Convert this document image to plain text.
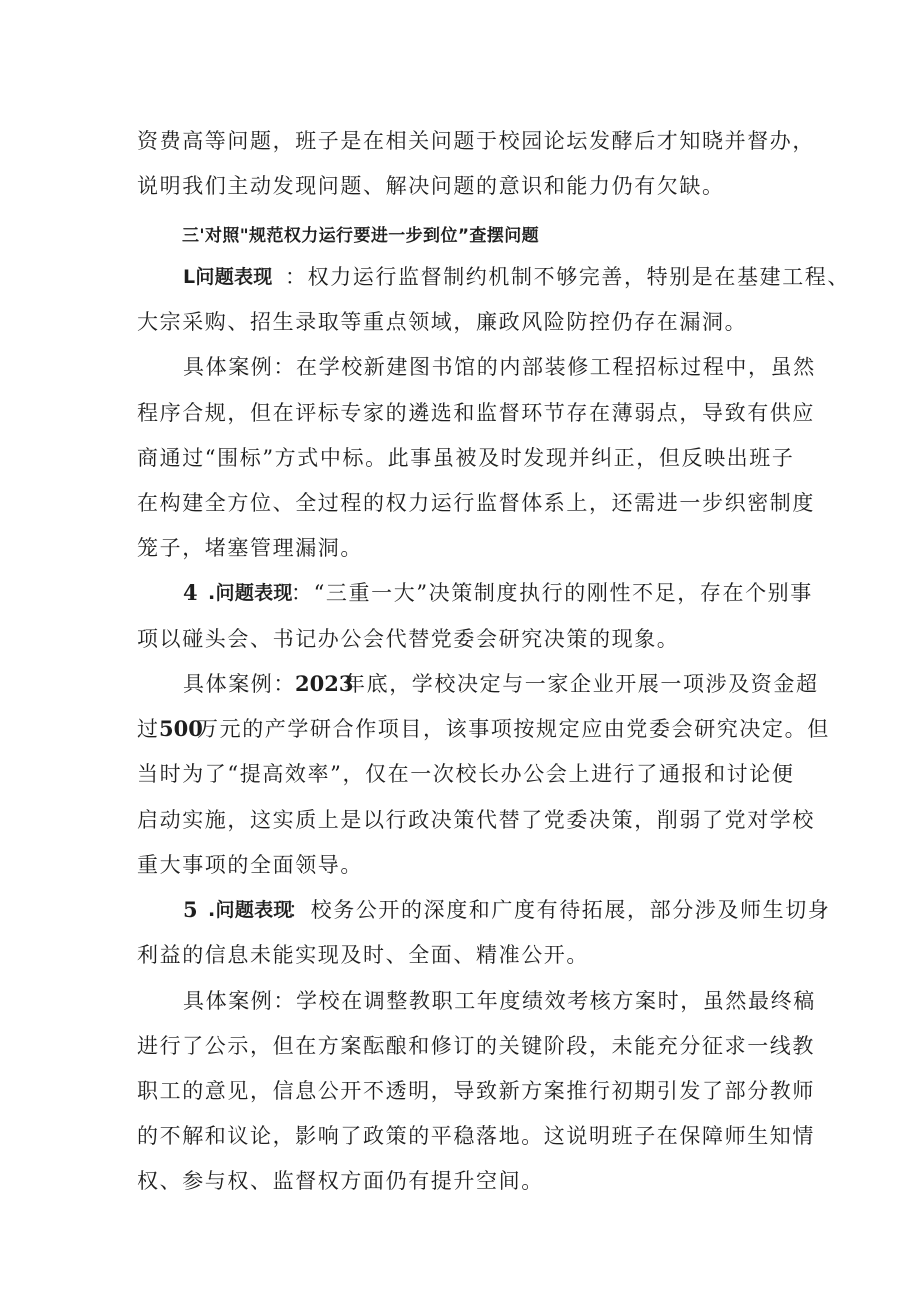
资费高等问题，班子是在相关问题于校园论坛发酵后才知晓并督办，
说明我们主动发现问题、解决问题的意识和能力仍有欠缺。
三'对照"规范权力运行要进一步到位”查摆问题
L问题表现 ：权力运行监督制约机制不够完善，特别是在基建工程、
大宗采购、招生录取等重点领域，廉政风险防控仍存在漏洞。
具体案例：在学校新建图书馆的内部装修工程招标过程中，虽然
程序合规，但在评标专家的遴选和监督环节存在薄弱点，导致有供应
商通过“围标”方式中标。此事虽被及时发现并纠正，但反映出班子
在构建全方位、全过程的权力运行监督体系上，还需进一步织密制度
笼子，堵塞管理漏洞。
4 .问题表现
：“三重一大”决策制度执行的刚性不足，存在个别事
项以碰头会、书记办公会代替党委会研究决策的现象。
具体案例： 2023
年底，学校决定与一家企业开展一项涉及资金超
过 500
万元的产学研合作项目，该事项按规定应由党委会研究决定。但
当时为了“提高效率”，仅在一次校长办公会上进行了通报和讨论便
启动实施，这实质上是以行政决策代替了党委决策，削弱了党对学校
重大事项的全面领导。
5 .问题表现
：校务公开的深度和广度有待拓展，部分涉及师生切身
利益的信息未能实现及时、全面、精准公开。
具体案例：学校在调整教职工年度绩效考核方案时，虽然最终稿
进行了公示，但在方案酝酿和修订的关键阶段，未能充分征求一线教
职工的意见，信息公开不透明，导致新方案推行初期引发了部分教师
的不解和议论，影响了政策的平稳落地。这说明班子在保障师生知情
权、参与权、监督权方面仍有提升空间。
